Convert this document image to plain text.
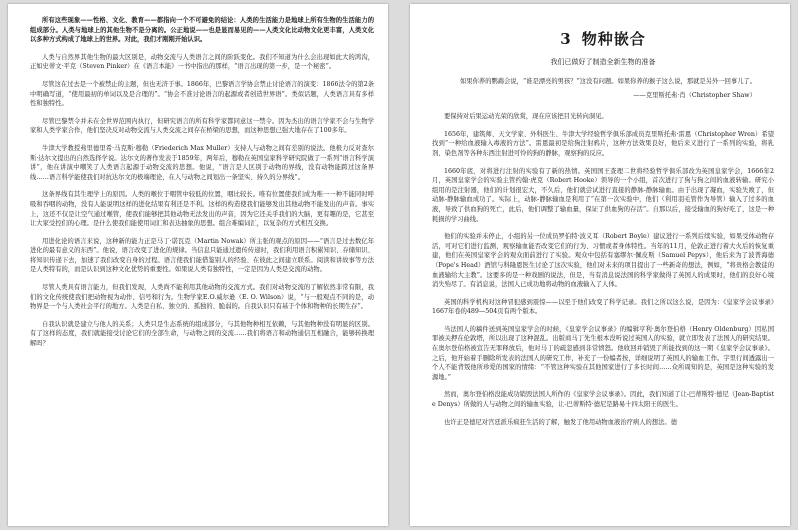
所有这些现象——性格、文化、教育——都指向一个不可避免的结论：人类的生活能力是地球上所有生物的生活能力的组成部分。人类与地球上的其他生物不是分离的。公正地说——也是显而易见的——人类文化比动物文化更丰富，人类文化以多种方式构成了地球上的世界。对此，我们才刚刚开始认识。

人类与自然界其他生物的最大区别是，动物交流与人类语言之间的阶跃变化。我们不知道为什么会出现如此大的鸿沟，正如史蒂文·平克（Steven Pinker）在《语言本能》一书中指出的那样，“语言出现的第一步，是一个秘密”。

尽管这在过去是一个被禁止的主题，但也无济于事。1866年，巴黎语言学协会禁止讨论语言的演变：1866法令的第2条中明确写道，“使用最初的单词以及是合理的”。“协会不准讨论语言的起源或者创造世界语”。类似话题，人类语言具有多样性和独特性。

尽管巴黎禁令并未在全世界范围内执行，但研究语言的所有科学家都同意这一禁令。因为杰出的语言学家不会与生物学家和人类学家合作，他们坚决反对动物交流与人类交流之间存在桥梁的思想，而这种思想已强大地存在了100多年。

牛津大学教授弗里德里希·马克斯·穆勒（Friederich Max Muller）支持人与动物之间有差别的说法。他极力反对查尔斯·达尔文提出的自然选择学说。达尔文的著作发表于1859年，两年后，穆勒在英国皇家科学研究院做了一系列“语言科学演讲”，他在讲演中嘲笑了人类语言起源于动物交流的思想。他说，“语言是人区别于动物的界线，没有动物能跨过这条界线……语言科学能使我们对抗达尔文的极端理论，在人与动物之间划出一条坚实、持久的分界线”。

这条界线有其生理学上的原因。人类的喉位于咽管中较低的位置，咽比较长。唯有位置使我们成为唯一一种不能同时呼吸和吞咽的动物，没有人能说明这样的进化结果有利还是不利。这样的构造使我们能够发出其他动物不能发出的声音。事实上，这还不仅是让空气通过喉管，使我们能够把其他动物无法发出的声音，因为它还关乎我们的大脑，更有趣的是，它甚至让大家受控们的心理。是什么使我们能使用词汇和表达抽象的思想。组合难编词汇，以复杂的方式相互交换。

用进化论的语言来说，这种新的能力正是马丁·诺瓦克（Martin Nowak）所主张的观点的原因——“语言是过去数亿年进化的最有意义的东西”。他说，语言改变了进化的规律。当信息只能通过遗传传递时，我们利用语言积累知识、存储知识、将知识传递下去，加速了我们改变自身的过程。语言使我们能借鉴别人的经验、在彼此之间建立联系。阅读和讲故事等方法是人类特有的，而是认识到这种文化优势的重要性。如果说人类有独特性，一定是因为人类是交流的动物。

尽管人类具有语言能力，但我们发现，人类尚不能利用其他动物的交流方式。我们对动物交流的了解依然非常有限，我们的文化传统使我们把动物视为动作、信号和行为。生物学家E.O.威尔逊（E. O. Wilson）说，“与一般观点不同的是，动物界是一个与人类社会平行的地方。人类是自私、独立的、孤独的、脆弱的。自我认识只有基于个体和物种的长期生存”。

自我认识就是建立与他人的关系；人类只是生态系统的组成部分，与其他物种相互依赖，与其他物种没有明显的区别。有了这样的态度，我们就能接受讨论它们的全部生命，与动物之间的交流……我们将语言和动物通信互相融合，能够转换理解吗？

3 物种嵌合
我们已做好了制造全新生物的准备

如果你养的鹦鹉会说，“谁是漂亮的男孩？”这没有问题。如果你养的猴子这么说，那就是另外一回事儿了。

——克里斯托弗·肖（Christopher Shaw）

要保持对后果运动光荣的欣赏，现在应该把目光转向洞见。

1656年，建筑师、天文学家、外科医生、牛津大学经验哲学俱乐部成员克里斯托弗·雷恩（Christopher Wren）希望找到“一种给血液输入毒液的方法”。雷恩最初是给狗注射鸦片，这种方法效果良好，他后来又进行了一系列的实验，将乳剂、染色剂等各种东西注射进可怜的狗的静脉，观察狗的反应。

1660年底，对将进行注射的实验有了新的热情。英国国王查理二世将经验哲学俱乐部改为英国皇家学会，1666年2月，英国皇家学会的实验主管约翰·虎克（Robert Hooke）领导的一个小组，首次进行了狗与狗之间的血液转输。研究小组用的是注射器，他们的计划很宏大，不久后，他们就尝试进行直接的静脉-静脉输血。由于出现了凝血，实验失败了，但动脉-静脉输血成功了。实际上，动脉-静脉输血是利用了“在第一次实验中，他们（利用羽毛管作为导管）输入了过多的血液，导致了供血狗的死亡，此后，他们调整了输血量，保证了供血狗的存活”。自那以后，接受输血的狗好吃了，这是一种耗损的学习曲线。

他们的实验并未停止，小组的另一位成员罗伯特·波义耳（Robert Boyle）建议进行一系列后续实验，如果受体动物存活，可对它们进行监测，观察输血能否改变它们的行为、习惯或者身体特性。当年的11月，伦敦正进行着大火后的恢复重建，他们在英国皇家学会的观众面前进行了实验。观众中包括有塞缪尔·佩皮斯（Samuel Pepys），他后来为了波普海德（Pope's Head）酒馆与科隆恩医生讨论了这次实验，他们对未来的项目提出了一些新奇的想法，例如，“将贵格会教徒的血液输给大主教”。这要多的是一种戏剧的说法，但是，当有消息说法国的科学家做得了英国人的成果时，他们的良好心境消失殆尽了。有消息说，法国人已成功地将动物的血液输入了人体。

英国的科学机构对这种冒犯感到震惊——以至于他们改变了科学记录。我们之所以这么说，是因为：《皇家学会议事录》1667年卷的489—504页有两个版本。

当法国人的稿件送到英国皇家学会的时候，《皇家学会议事录》的编辑亨利·奥尔登伯格（Henry Oldenburg）因私国罪被关押在伦敦塔，所以出现了这种混乱。出版商马丁先生根本没听说过英国人的实验，就立即发表了法国人的研究结果。在奥尔登伯格被宣告无罪释放后，他对马丁的疏忽感到非常愤怒。他收回并销毁了所能找到的这一期《皇家学会议事录》。之后，他开始着手删除所发表的法国人的研究工作，补充了一份编者按，详细说明了英国人的输血工作。字里行间透露出一个人不能背叛他所珍爱的国家的情绪：“不管这种实验在其他国家进行了多长时间……众所周知的是，英国是这种实验的发源地。”

然而，奥尔登伯格没能成功销毁法国人所作的《皇家学会议事录》。因此，我们知道了让-巴蒂斯特·德尼（Jean-Baptiste Denys）所做的人与动物之间的输血实验，让-巴蒂斯特·德尼是路易十四太阳王的医生。

也许正是德尼对宫廷派乐疯狂生活的了解，触发了他用动物血液治疗病人的想法。德
